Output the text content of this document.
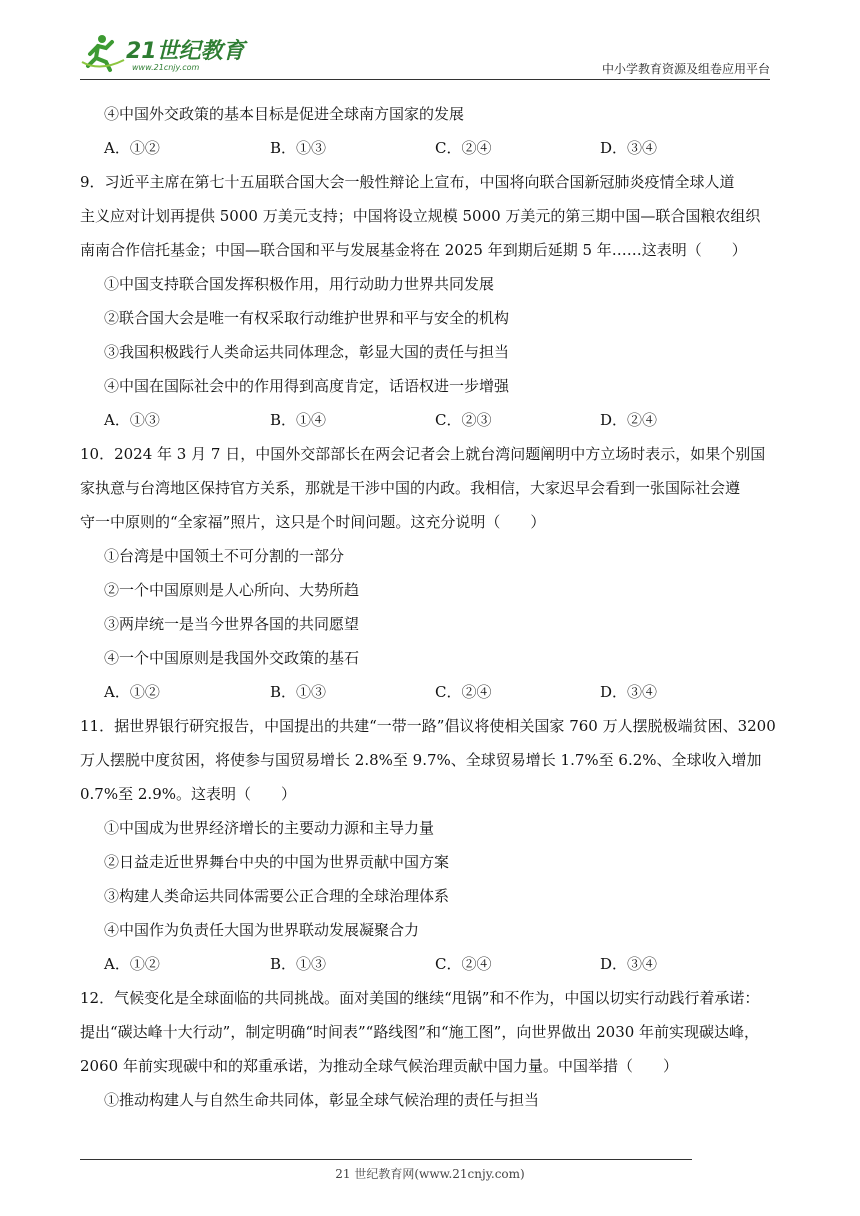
21世纪教育
www.21cnjy.com	中小学教育资源及组卷应用平台
④中国外交政策的基本目标是促进全球南方国家的发展
A．①②	B．①③	C．②④	D．③④
9．习近平主席在第七十五届联合国大会一般性辩论上宣布，中国将向联合国新冠肺炎疫情全球人道
主义应对计划再提供 5000 万美元支持；中国将设立规模 5000 万美元的第三期中国—联合国粮农组织
南南合作信托基金；中国—联合国和平与发展基金将在 2025 年到期后延期 5 年……这表明（　　）
①中国支持联合国发挥积极作用，用行动助力世界共同发展
②联合国大会是唯一有权采取行动维护世界和平与安全的机构
③我国积极践行人类命运共同体理念，彰显大国的责任与担当
④中国在国际社会中的作用得到高度肯定，话语权进一步增强
A．①③	B．①④	C．②③	D．②④
10．2024 年 3 月 7 日，中国外交部部长在两会记者会上就台湾问题阐明中方立场时表示，如果个别国
家执意与台湾地区保持官方关系，那就是干涉中国的内政。我相信，大家迟早会看到一张国际社会遵
守一中原则的“全家福”照片，这只是个时间问题。这充分说明（　　）
①台湾是中国领土不可分割的一部分
②一个中国原则是人心所向、大势所趋
③两岸统一是当今世界各国的共同愿望
④一个中国原则是我国外交政策的基石
A．①②	B．①③	C．②④	D．③④
11．据世界银行研究报告，中国提出的共建“一带一路”倡议将使相关国家 760 万人摆脱极端贫困、3200
万人摆脱中度贫困，将使参与国贸易增长 2.8%至 9.7%、全球贸易增长 1.7%至 6.2%、全球收入增加
0.7%至 2.9%。这表明（　　）
①中国成为世界经济增长的主要动力源和主导力量
②日益走近世界舞台中央的中国为世界贡献中国方案
③构建人类命运共同体需要公正合理的全球治理体系
④中国作为负责任大国为世界联动发展凝聚合力
A．①②	B．①③	C．②④	D．③④
12．气候变化是全球面临的共同挑战。面对美国的继续“甩锅”和不作为，中国以切实行动践行着承诺：
提出“碳达峰十大行动”，制定明确“时间表”“路线图”和“施工图”，向世界做出 2030 年前实现碳达峰，
2060 年前实现碳中和的郑重承诺，为推动全球气候治理贡献中国力量。中国举措（　　）
①推动构建人与自然生命共同体，彰显全球气候治理的责任与担当
21 世纪教育网(www.21cnjy.com)
